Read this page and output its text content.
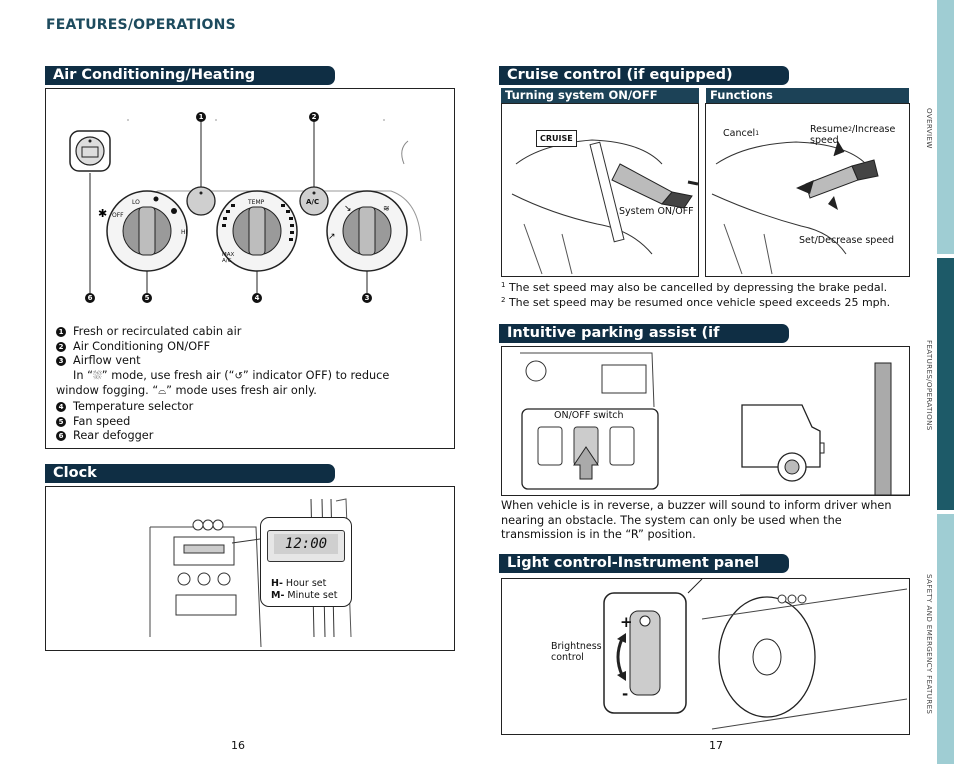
FEATURES/OPERATIONS
Air Conditioning/Heating
✱	↘
↗
≋
LO
OFF
HI
TEMP	A/C
MAX
A/C
1	2
6	5	4	3
1 Fresh or recirculated cabin air
2 Air Conditioning ON/OFF
3 Airflow vent
In “⛆” mode, use fresh air (“↺” indicator OFF) to reduce
window fogging. “⌓” mode uses fresh air only.
4 Temperature selector
5 Fan speed
6 Rear defogger
Clock
12:00
H- Hour set
M- Minute set
16
Cruise control (if equipped)
Turning system ON/OFF	Functions
CRUISE
System ON/OFF
Cancel$^1$	Resume$^2$/Increase
speed
Set/Decrease speed
$^1$ The set speed may also be cancelled by depressing the brake pedal.
$^2$ The set speed may be resumed once vehicle speed exceeds 25 mph.
Intuitive parking assist (if
ON/OFF switch
When vehicle is in reverse, a buzzer will sound to inform driver when nearing an obstacle. The system can only be used when the transmission is in the “R” position.
Light control-Instrument panel
+
-
Brightness
control
17
OVERVIEW
FEATURES/OPERATIONS
SAFETY AND EMERGENCY FEATURES
